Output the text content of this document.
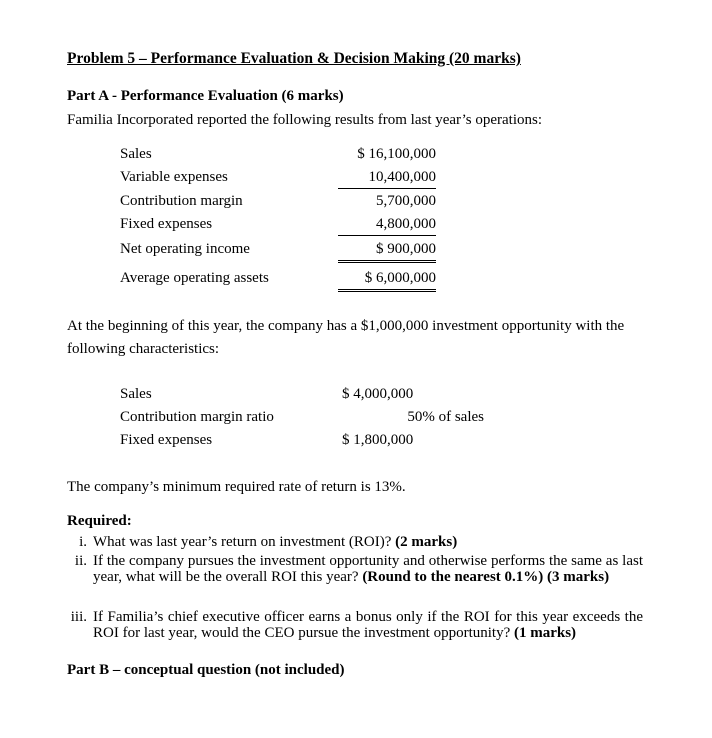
Problem 5 – Performance Evaluation & Decision Making (20 marks)
Part A - Performance Evaluation (6 marks)
Familia Incorporated reported the following results from last year’s operations:
Sales	$ 16,100,000
Variable expenses	10,400,000
Contribution margin	5,700,000
Fixed expenses	4,800,000
Net operating income	$ 900,000
Average operating assets	$ 6,000,000
At the beginning of this year, the company has a $1,000,000 investment opportunity with the following characteristics:
Sales	$ 4,000,000
Contribution margin ratio	50% of sales
Fixed expenses	$ 1,800,000
The company’s minimum required rate of return is 13%.
Required:
i. What was last year’s return on investment (ROI)? (2 marks)
ii. If the company pursues the investment opportunity and otherwise performs the same as last year, what will be the overall ROI this year? (Round to the nearest 0.1%) (3 marks)
iii. If Familia’s chief executive officer earns a bonus only if the ROI for this year exceeds the ROI for last year, would the CEO pursue the investment opportunity? (1 marks)
Part B – conceptual question (not included)
